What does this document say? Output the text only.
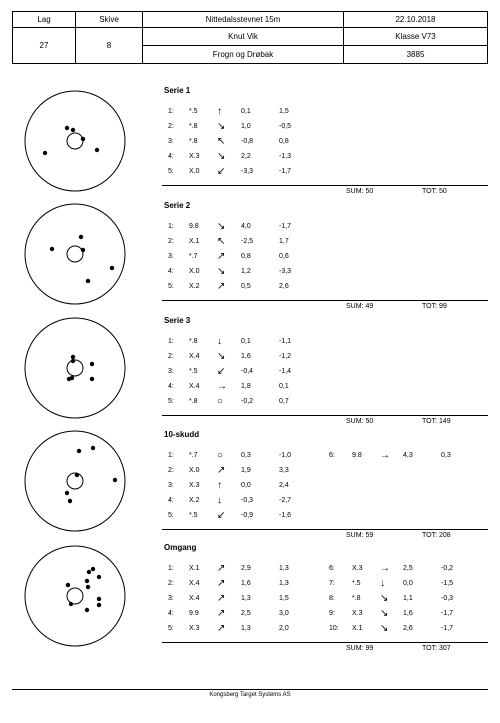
Lag	Skive	Nittedalsstevnet 15m	22.10.2018
27	8	Knut Vik	Klasse V73
		Frogn og Drøbak	3885
Serie 1
1: *.5 ↑	0,1	1,5
2: *.8 ↘ 1,0	-0,5
3: *.8 ↖ -0,8	0,8
4: X.3 ↘ 2,2	-1,3
5: X.0 ↙ -3,3	-1,7
SUM: 50	TOT: 50
Serie 2
1: 9.8 ↘ 4,0	-1,7
2: X.1 ↖ -2,5	1,7
3: *.7 ↗ 0,8	0,6
4: X.0 ↘ 1,2	-3,3
5: X.2 ↗ 0,5	2,6
SUM: 49	TOT: 99
Serie 3
1: *.8 ↓	0,1	-1,1
2: X.4 ↘ 1,6	-1,2
3: *.5 ↙ -0,4	-1,4
4: X.4 → 1,8	0,1
5: *.8 ○	-0,2	0,7
SUM: 50	TOT: 149
10-skudd
1: *.7 ○	0,3	-1,0
2: X.0 ↗ 1,9	3,3
3: X.3 ↑	0,0	2,4
4: X.2 ↓	-0,3	-2,7
5: *.5 ↙ -0,9	-1,6
6: 9.8 → 4,3	0,3
SUM: 59	TOT: 208
Omgang
1: X.1 ↗ 2,9	1,3
2: X.4 ↗ 1,6	1,3
3: X.4 ↗ 1,3	1,5
4: 9.9 ↗ 2,5	3,0
5: X.3 ↗ 1,3	2,0
6: X.3 → 2,5	-0,2
7: *.5 ↓	0,0	-1,5
8: *.8 ↘ 1,1	-0,3
9: X.3 ↘ 1,6	-1,7
10: X.1 ↘ 2,6	-1,7
SUM: 99	TOT: 307
Kongsberg Target Systems AS
